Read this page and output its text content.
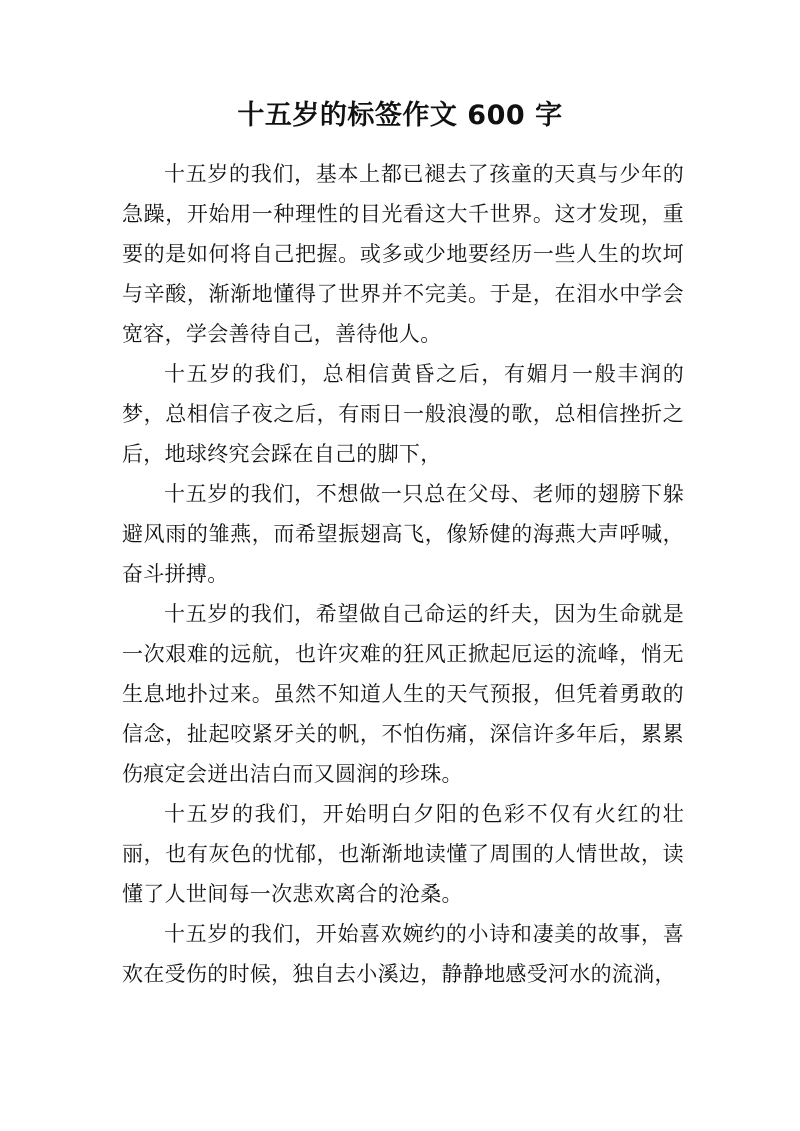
十五岁的标签作文 600 字

十五岁的我们，基本上都已褪去了孩童的天真与少年的急躁，开始用一种理性的目光看这大千世界。这才发现，重要的是如何将自己把握。或多或少地要经历一些人生的坎坷与辛酸，渐渐地懂得了世界并不完美。于是，在泪水中学会宽容，学会善待自己，善待他人。

十五岁的我们，总相信黄昏之后，有媚月一般丰润的梦，总相信子夜之后，有雨日一般浪漫的歌，总相信挫折之后，地球终究会踩在自己的脚下，

十五岁的我们，不想做一只总在父母、老师的翅膀下躲避风雨的雏燕，而希望振翅高飞，像矫健的海燕大声呼喊，奋斗拼搏。

十五岁的我们，希望做自己命运的纤夫，因为生命就是一次艰难的远航，也许灾难的狂风正掀起厄运的流峰，悄无生息地扑过来。虽然不知道人生的天气预报，但凭着勇敢的信念，扯起咬紧牙关的帆，不怕伤痛，深信许多年后，累累伤痕定会迸出洁白而又圆润的珍珠。

十五岁的我们，开始明白夕阳的色彩不仅有火红的壮丽，也有灰色的忧郁，也渐渐地读懂了周围的人情世故，读懂了人世间每一次悲欢离合的沧桑。

十五岁的我们，开始喜欢婉约的小诗和凄美的故事，喜欢在受伤的时候，独自去小溪边，静静地感受河水的流淌，
